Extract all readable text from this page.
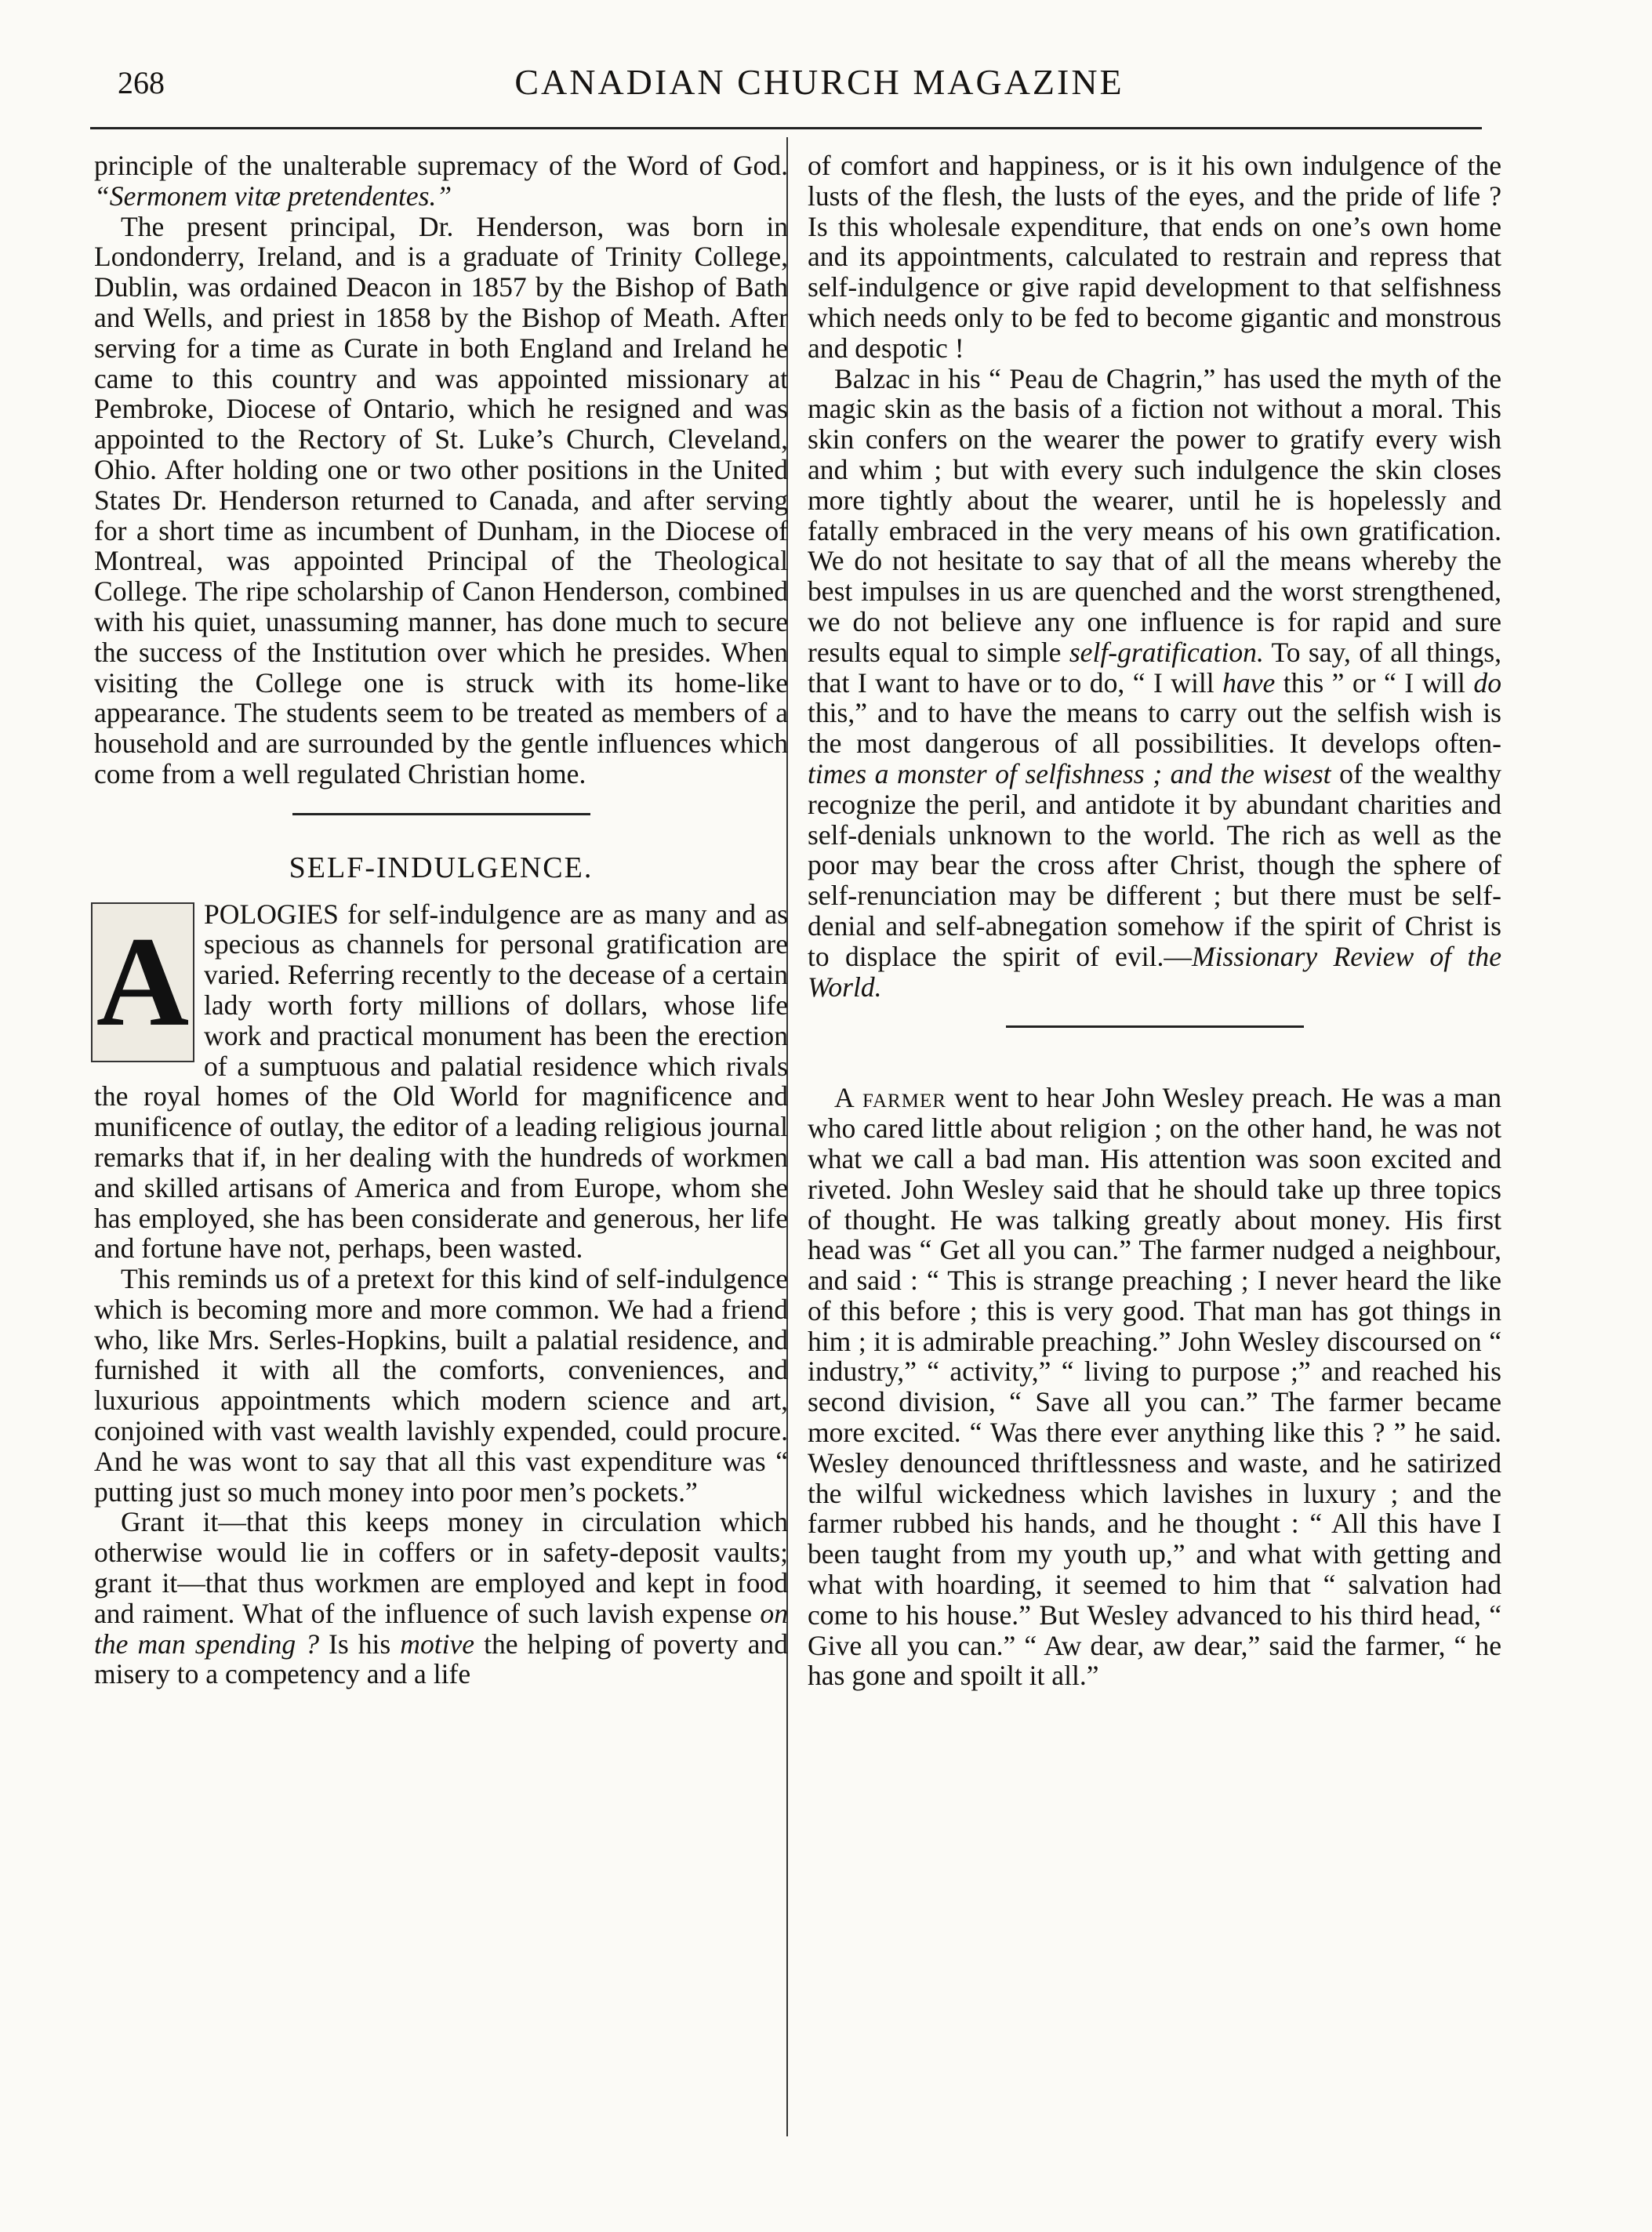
268	CANADIAN CHURCH MAGAZINE

principle of the unalterable supremacy of the Word of God. “Sermonem vitæ pretendentes.”

The present principal, Dr. Henderson, was born in Londonderry, Ireland, and is a graduate of Trinity College, Dublin, was ordained Deacon in 1857 by the Bishop of Bath and Wells, and priest in 1858 by the Bishop of Meath. After serving for a time as Curate in both England and Ireland he came to this country and was appointed missionary at Pembroke, Diocese of Ontario, which he resigned and was appointed to the Rectory of St. Luke’s Church, Cleveland, Ohio. After holding one or two other positions in the United States Dr. Henderson returned to Canada, and after serving for a short time as incumbent of Dunham, in the Diocese of Montreal, was appointed Principal of the Theological College. The ripe scholarship of Canon Henderson, combined with his quiet, unassuming manner, has done much to secure the success of the Institution over which he presides. When visiting the College one is struck with its home-like appearance. The students seem to be treated as members of a household and are surrounded by the gentle influences which come from a well regulated Christian home.

SELF-INDULGENCE.

A POLOGIES for self-indulgence are as many and as specious as channels for personal gratification are varied. Referring recently to the decease of a certain lady worth forty millions of dollars, whose life work and practical monument has been the erection of a sumptuous and palatial residence which rivals the royal homes of the Old World for magnificence and munificence of outlay, the editor of a leading religious journal remarks that if, in her dealing with the hundreds of workmen and skilled artisans of America and from Europe, whom she has employed, she has been considerate and generous, her life and fortune have not, perhaps, been wasted.

This reminds us of a pretext for this kind of self-indulgence which is becoming more and more common. We had a friend who, like Mrs. Serles-Hopkins, built a palatial residence, and furnished it with all the comforts, conveniences, and luxurious appointments which modern science and art, conjoined with vast wealth lavishly expended, could procure. And he was wont to say that all this vast expenditure was “ putting just so much money into poor men’s pockets.”

Grant it—that this keeps money in circulation which otherwise would lie in coffers or in safety-deposit vaults; grant it—that thus workmen are employed and kept in food and raiment. What of the influence of such lavish expense on the man spending ? Is his motive the helping of poverty and misery to a competency and a life

of comfort and happiness, or is it his own indulgence of the lusts of the flesh, the lusts of the eyes, and the pride of life ? Is this wholesale expenditure, that ends on one’s own home and its appointments, calculated to restrain and repress that self-indulgence or give rapid development to that selfishness which needs only to be fed to become gigantic and monstrous and despotic !

Balzac in his “ Peau de Chagrin,” has used the myth of the magic skin as the basis of a fiction not without a moral. This skin confers on the wearer the power to gratify every wish and whim ; but with every such indulgence the skin closes more tightly about the wearer, until he is hopelessly and fatally embraced in the very means of his own gratification. We do not hesitate to say that of all the means whereby the best impulses in us are quenched and the worst strengthened, we do not believe any one influence is for rapid and sure results equal to simple self-gratification. To say, of all things, that I want to have or to do, “ I will have this ” or “ I will do this,” and to have the means to carry out the selfish wish is the most dangerous of all possibilities. It develops often- times a monster of selfishness ; and the wisest of the wealthy recognize the peril, and antidote it by abundant charities and self-denials unknown to the world. The rich as well as the poor may bear the cross after Christ, though the sphere of self-renunciation may be different ; but there must be self-denial and self-abnegation somehow if the spirit of Christ is to displace the spirit of evil.—Missionary Review of the World.

A farmer went to hear John Wesley preach. He was a man who cared little about religion ; on the other hand, he was not what we call a bad man. His attention was soon excited and riveted. John Wesley said that he should take up three topics of thought. He was talking greatly about money. His first head was “ Get all you can.” The farmer nudged a neighbour, and said : “ This is strange preaching ; I never heard the like of this before ; this is very good. That man has got things in him ; it is admirable preaching.” John Wesley discoursed on “ industry,” “ activity,” “ living to purpose ;” and reached his second division, “ Save all you can.” The farmer became more excited. “ Was there ever anything like this ? ” he said. Wesley denounced thriftlessness and waste, and he satirized the wilful wickedness which lavishes in luxury ; and the farmer rubbed his hands, and he thought : “ All this have I been taught from my youth up,” and what with getting and what with hoarding, it seemed to him that “ salvation had come to his house.” But Wesley advanced to his third head, “ Give all you can.” “ Aw dear, aw dear,” said the farmer, “ he has gone and spoilt it all.”
